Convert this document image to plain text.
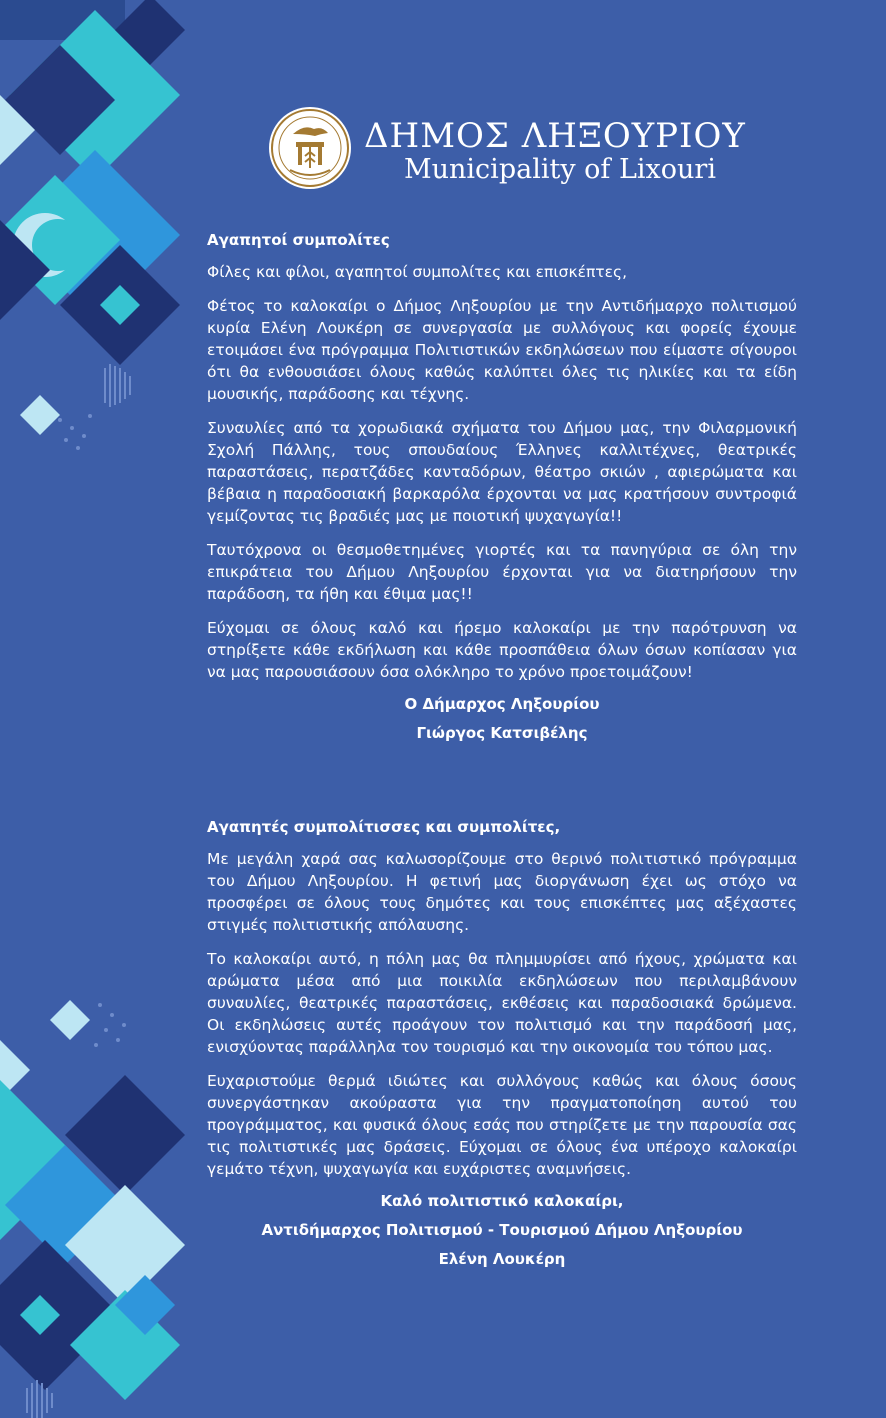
ΔΗΜΟΣ ΛΗΞΟΥΡΙΟΥ
Municipality of Lixouri

Αγαπητοί συμπολίτες

Φίλες και φίλοι, αγαπητοί συμπολίτες και επισκέπτες,

Φέτος το καλοκαίρι ο Δήμος Ληξουρίου με την Αντιδήμαρχο πολιτισμού κυρία Ελένη Λουκέρη σε συνεργασία με συλλόγους και φορείς έχουμε ετοιμάσει ένα πρόγραμμα Πολιτιστικών εκδηλώσεων που είμαστε σίγουροι ότι θα ενθουσιάσει όλους καθώς καλύπτει όλες τις ηλικίες και τα είδη μουσικής, παράδοσης και τέχνης.

Συναυλίες από τα χορωδιακά σχήματα του Δήμου μας, την Φιλαρμονική Σχολή Πάλλης, τους σπουδαίους Έλληνες καλλιτέχνες, θεατρικές παραστάσεις, περατζάδες κανταδόρων, θέατρο σκιών , αφιερώματα και βέβαια η παραδοσιακή βαρκαρόλα έρχονται να μας κρατήσουν συντροφιά γεμίζοντας τις βραδιές μας με ποιοτική ψυχαγωγία!!

Ταυτόχρονα οι θεσμοθετημένες γιορτές και τα πανηγύρια σε όλη την επικράτεια του Δήμου Ληξουρίου έρχονται για να διατηρήσουν την παράδοση, τα ήθη και έθιμα μας!!

Εύχομαι σε όλους καλό και ήρεμο καλοκαίρι με την παρότρυνση να στηρίξετε κάθε εκδήλωση και κάθε προσπάθεια όλων όσων κοπίασαν για να μας παρουσιάσουν όσα ολόκληρο το χρόνο προετοιμάζουν!

Ο Δήμαρχος Ληξουρίου

Γιώργος Κατσιβέλης

Αγαπητές συμπολίτισσες και συμπολίτες,

Με μεγάλη χαρά σας καλωσορίζουμε στο θερινό πολιτιστικό πρόγραμμα του Δήμου Ληξουρίου. Η φετινή μας διοργάνωση έχει ως στόχο να προσφέρει σε όλους τους δημότες και τους επισκέπτες μας αξέχαστες στιγμές πολιτιστικής απόλαυσης.

Το καλοκαίρι αυτό, η πόλη μας θα πλημμυρίσει από ήχους, χρώματα και αρώματα μέσα από μια ποικιλία εκδηλώσεων που περιλαμβάνουν συναυλίες, θεατρικές παραστάσεις, εκθέσεις και παραδοσιακά δρώμενα. Οι εκδηλώσεις αυτές προάγουν τον πολιτισμό και την παράδοσή μας, ενισχύοντας παράλληλα τον τουρισμό και την οικονομία του τόπου μας.

Ευχαριστούμε θερμά ιδιώτες και συλλόγους καθώς και όλους όσους συνεργάστηκαν ακούραστα για την πραγματοποίηση αυτού του προγράμματος, και φυσικά όλους εσάς που στηρίζετε με την παρουσία σας τις πολιτιστικές μας δράσεις. Εύχομαι σε όλους ένα υπέροχο καλοκαίρι γεμάτο τέχνη, ψυχαγωγία και ευχάριστες αναμνήσεις.

Καλό πολιτιστικό καλοκαίρι,

Αντιδήμαρχος Πολιτισμού - Τουρισμού Δήμου Ληξουρίου

Ελένη Λουκέρη
